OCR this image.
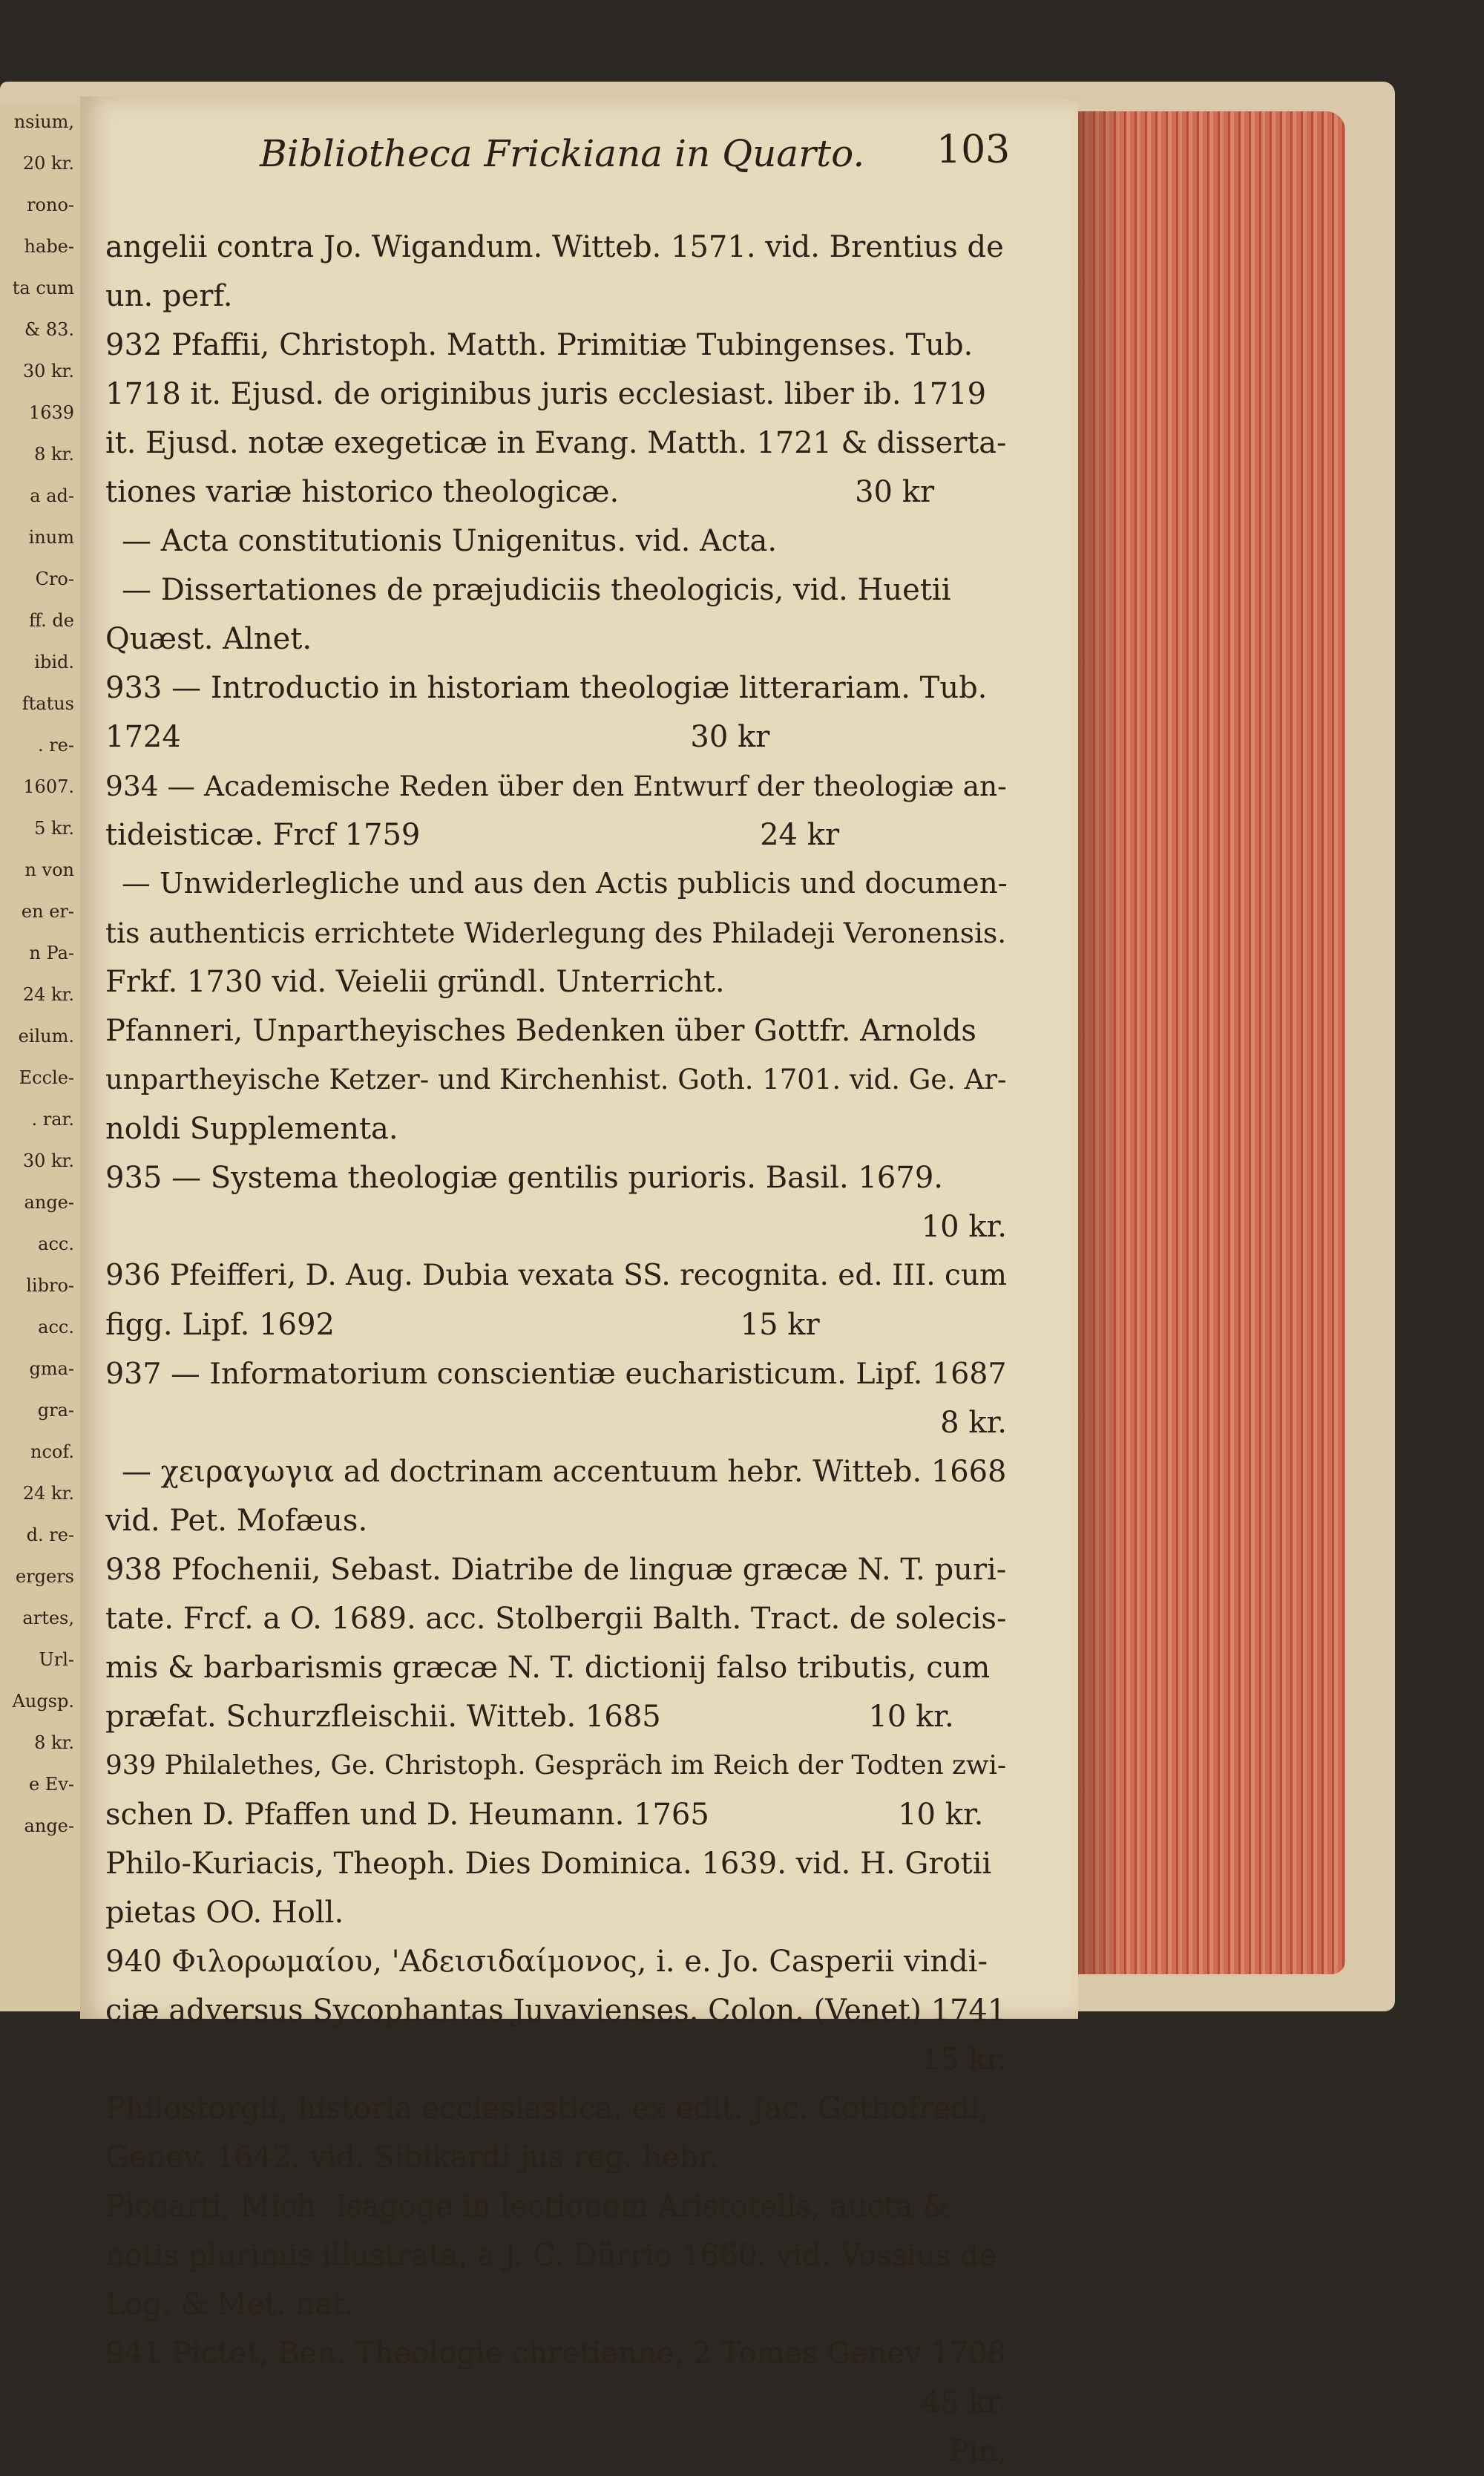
nsium,
20 kr.
rono-
habe-
ta cum
& 83.
30 kr.
1639
8 kr.
a ad-
inum
Cro-
ff. de
ibid.
ftatus
. re-
1607.
5 kr.
n von
en er-
n Pa-
24 kr.
eilum.
Eccle-
. rar.
30 kr.
ange-
acc.
libro-
acc.
gma-
gra-
ncof.
24 kr.
d. re-
ergers
artes,
Url-
Augsp.
8 kr.
e Ev-
ange-
Bibliotheca Frickiana in Quarto. 103
angelii contra Jo. Wigandum. Witteb. 1571. vid. Brentius de
un. perf.
932 Pfaffii, Christoph. Matth. Primitiæ Tubingenses. Tub.
1718 it. Ejusd. de originibus juris ecclesiast. liber ib. 1719
it. Ejusd. notæ exegeticæ in Evang. Matth. 1721 & disserta-
tiones variæ historico theologicæ.                         30 kr
— Acta constitutionis Unigenitus. vid. Acta.
— Dissertationes de præjudiciis theologicis, vid. Huetii
Quæst. Alnet.
933 — Introductio in historiam theologiæ litterariam. Tub.
1724                                                      30 kr
934 — Academische Reden über den Entwurf der theologiæ an-
tideisticæ. Frcf 1759                                    24 kr
— Unwiderlegliche und aus den Actis publicis und documen-
tis authenticis errichtete Widerlegung des Philadeji Veronensis.
Frkf. 1730 vid. Veielii gründl. Unterricht.
Pfanneri, Unpartheyisches Bedenken über Gottfr. Arnolds
unpartheyische Ketzer- und Kirchenhist. Goth. 1701. vid. Ge. Ar-
noldi Supplementa.
935 — Systema theologiæ gentilis purioris. Basil. 1679.
10 kr.
936 Pfeifferi, D. Aug. Dubia vexata SS. recognita. ed. III. cum
figg. Lipf. 1692                                           15 kr
937 — Informatorium conscientiæ eucharisticum. Lipf. 1687
8 kr.
— χειραγωγια ad doctrinam accentuum hebr. Witteb. 1668
vid. Pet. Mofæus.
938 Pfochenii, Sebast. Diatribe de linguæ græcæ N. T. puri-
tate. Frcf. a O. 1689. acc. Stolbergii Balth. Tract. de solecis-
mis & barbarismis græcæ N. T. dictionij falso tributis, cum
præfat. Schurzfleischii. Witteb. 1685                      10 kr.
939 Philalethes, Ge. Christoph. Gespräch im Reich der Todten zwi-
schen D. Pfaffen und D. Heumann. 1765                    10 kr.
Philo-Kuriacis, Theoph. Dies Dominica. 1639. vid. H. Grotii
pietas OO. Holl.
940 Φιλορωμαίου, 'Αδεισιδαίμονος, i. e. Jo. Casperii vindi-
ciæ adversus Sycophantas Juvavienses. Colon. (Venet) 1741
15 kr.
Philostorgii, historia ecclesiastica, ex edit. Jac. Gothofredi,
Genev. 1642. vid. Sibikardi jus reg. hebr.
Piccarti, Mich. Isagoge in lectionem Aristotelis, aucta &
notis plurimis illustrata, a J. C. Dürrio 1660. vid. Vossius de
Log. & Met. nat.
941 Pictet, Ben. Theologie chretienne, 2 Tomes Genev 1708
45 kr.
Pin,
